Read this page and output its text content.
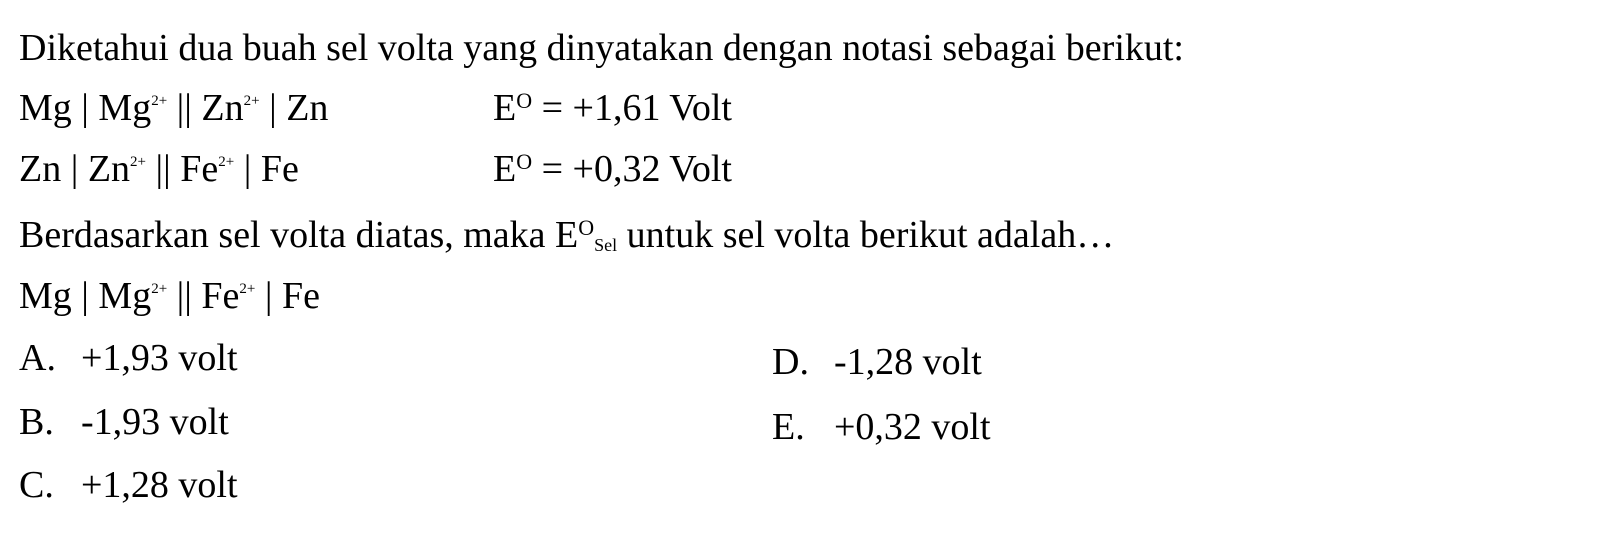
Diketahui dua buah sel volta yang dinyatakan dengan notasi sebagai berikut:
Mg | $Mg^{2+}$ || $Zn^{2+}$ | Zn	$E^O = +1,61$ Volt
Zn | $Zn^{2+}$ || $Fe^{2+}$ | Fe	$E^O = +0,32$ Volt
Berdasarkan sel volta diatas, maka $E^O_{Sel}$ untuk sel volta berikut adalah…
Mg | $Mg^{2+}$ || $Fe^{2+}$ | Fe
A. +1,93 volt
B. -1,93 volt
C. +1,28 volt
D. -1,28 volt
E. +0,32 volt
